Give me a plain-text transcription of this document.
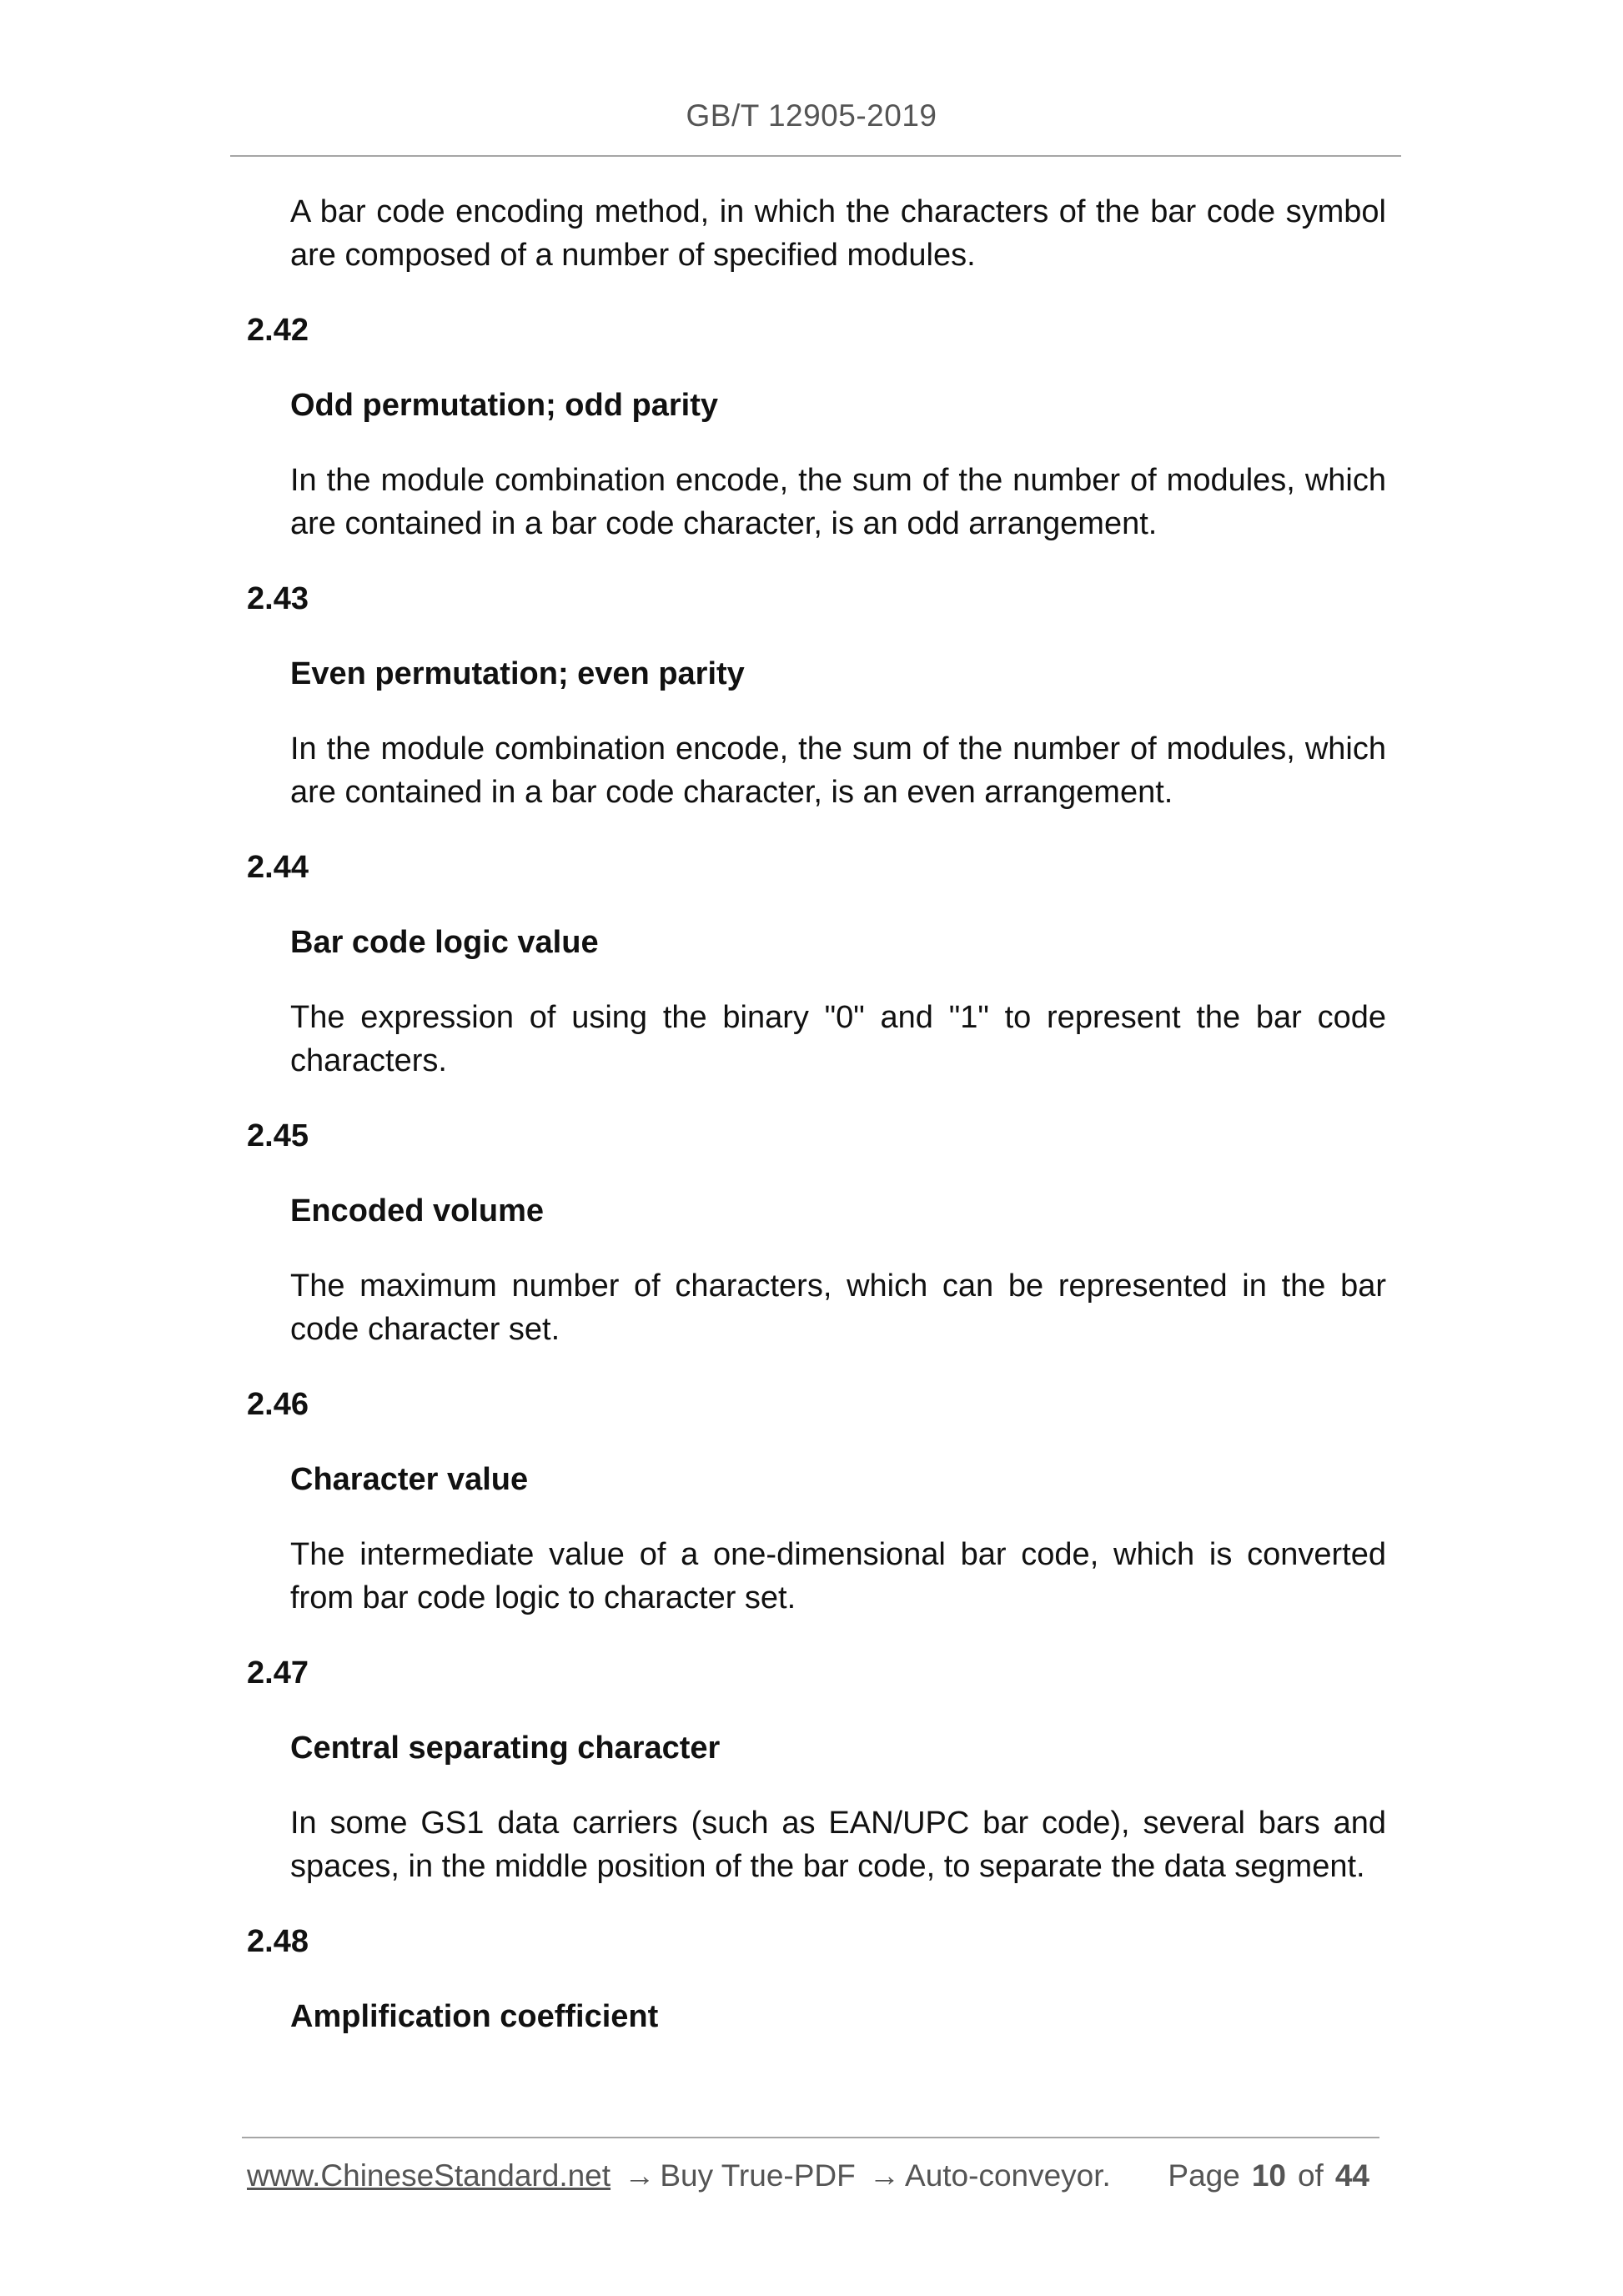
GB/T 12905-2019

A bar code encoding method, in which the characters of the bar code symbol are composed of a number of specified modules.

2.42

Odd permutation; odd parity

In the module combination encode, the sum of the number of modules, which are contained in a bar code character, is an odd arrangement.

2.43

Even permutation; even parity

In the module combination encode, the sum of the number of modules, which are contained in a bar code character, is an even arrangement.

2.44

Bar code logic value

The expression of using the binary "0" and "1" to represent the bar code characters.

2.45

Encoded volume

The maximum number of characters, which can be represented in the bar code character set.

2.46

Character value

The intermediate value of a one-dimensional bar code, which is converted from bar code logic to character set.

2.47

Central separating character

In some GS1 data carriers (such as EAN/UPC bar code), several bars and spaces, in the middle position of the bar code, to separate the data segment.

2.48

Amplification coefficient

www.ChineseStandard.net → Buy True-PDF → Auto-conveyor. Page 10 of 44
